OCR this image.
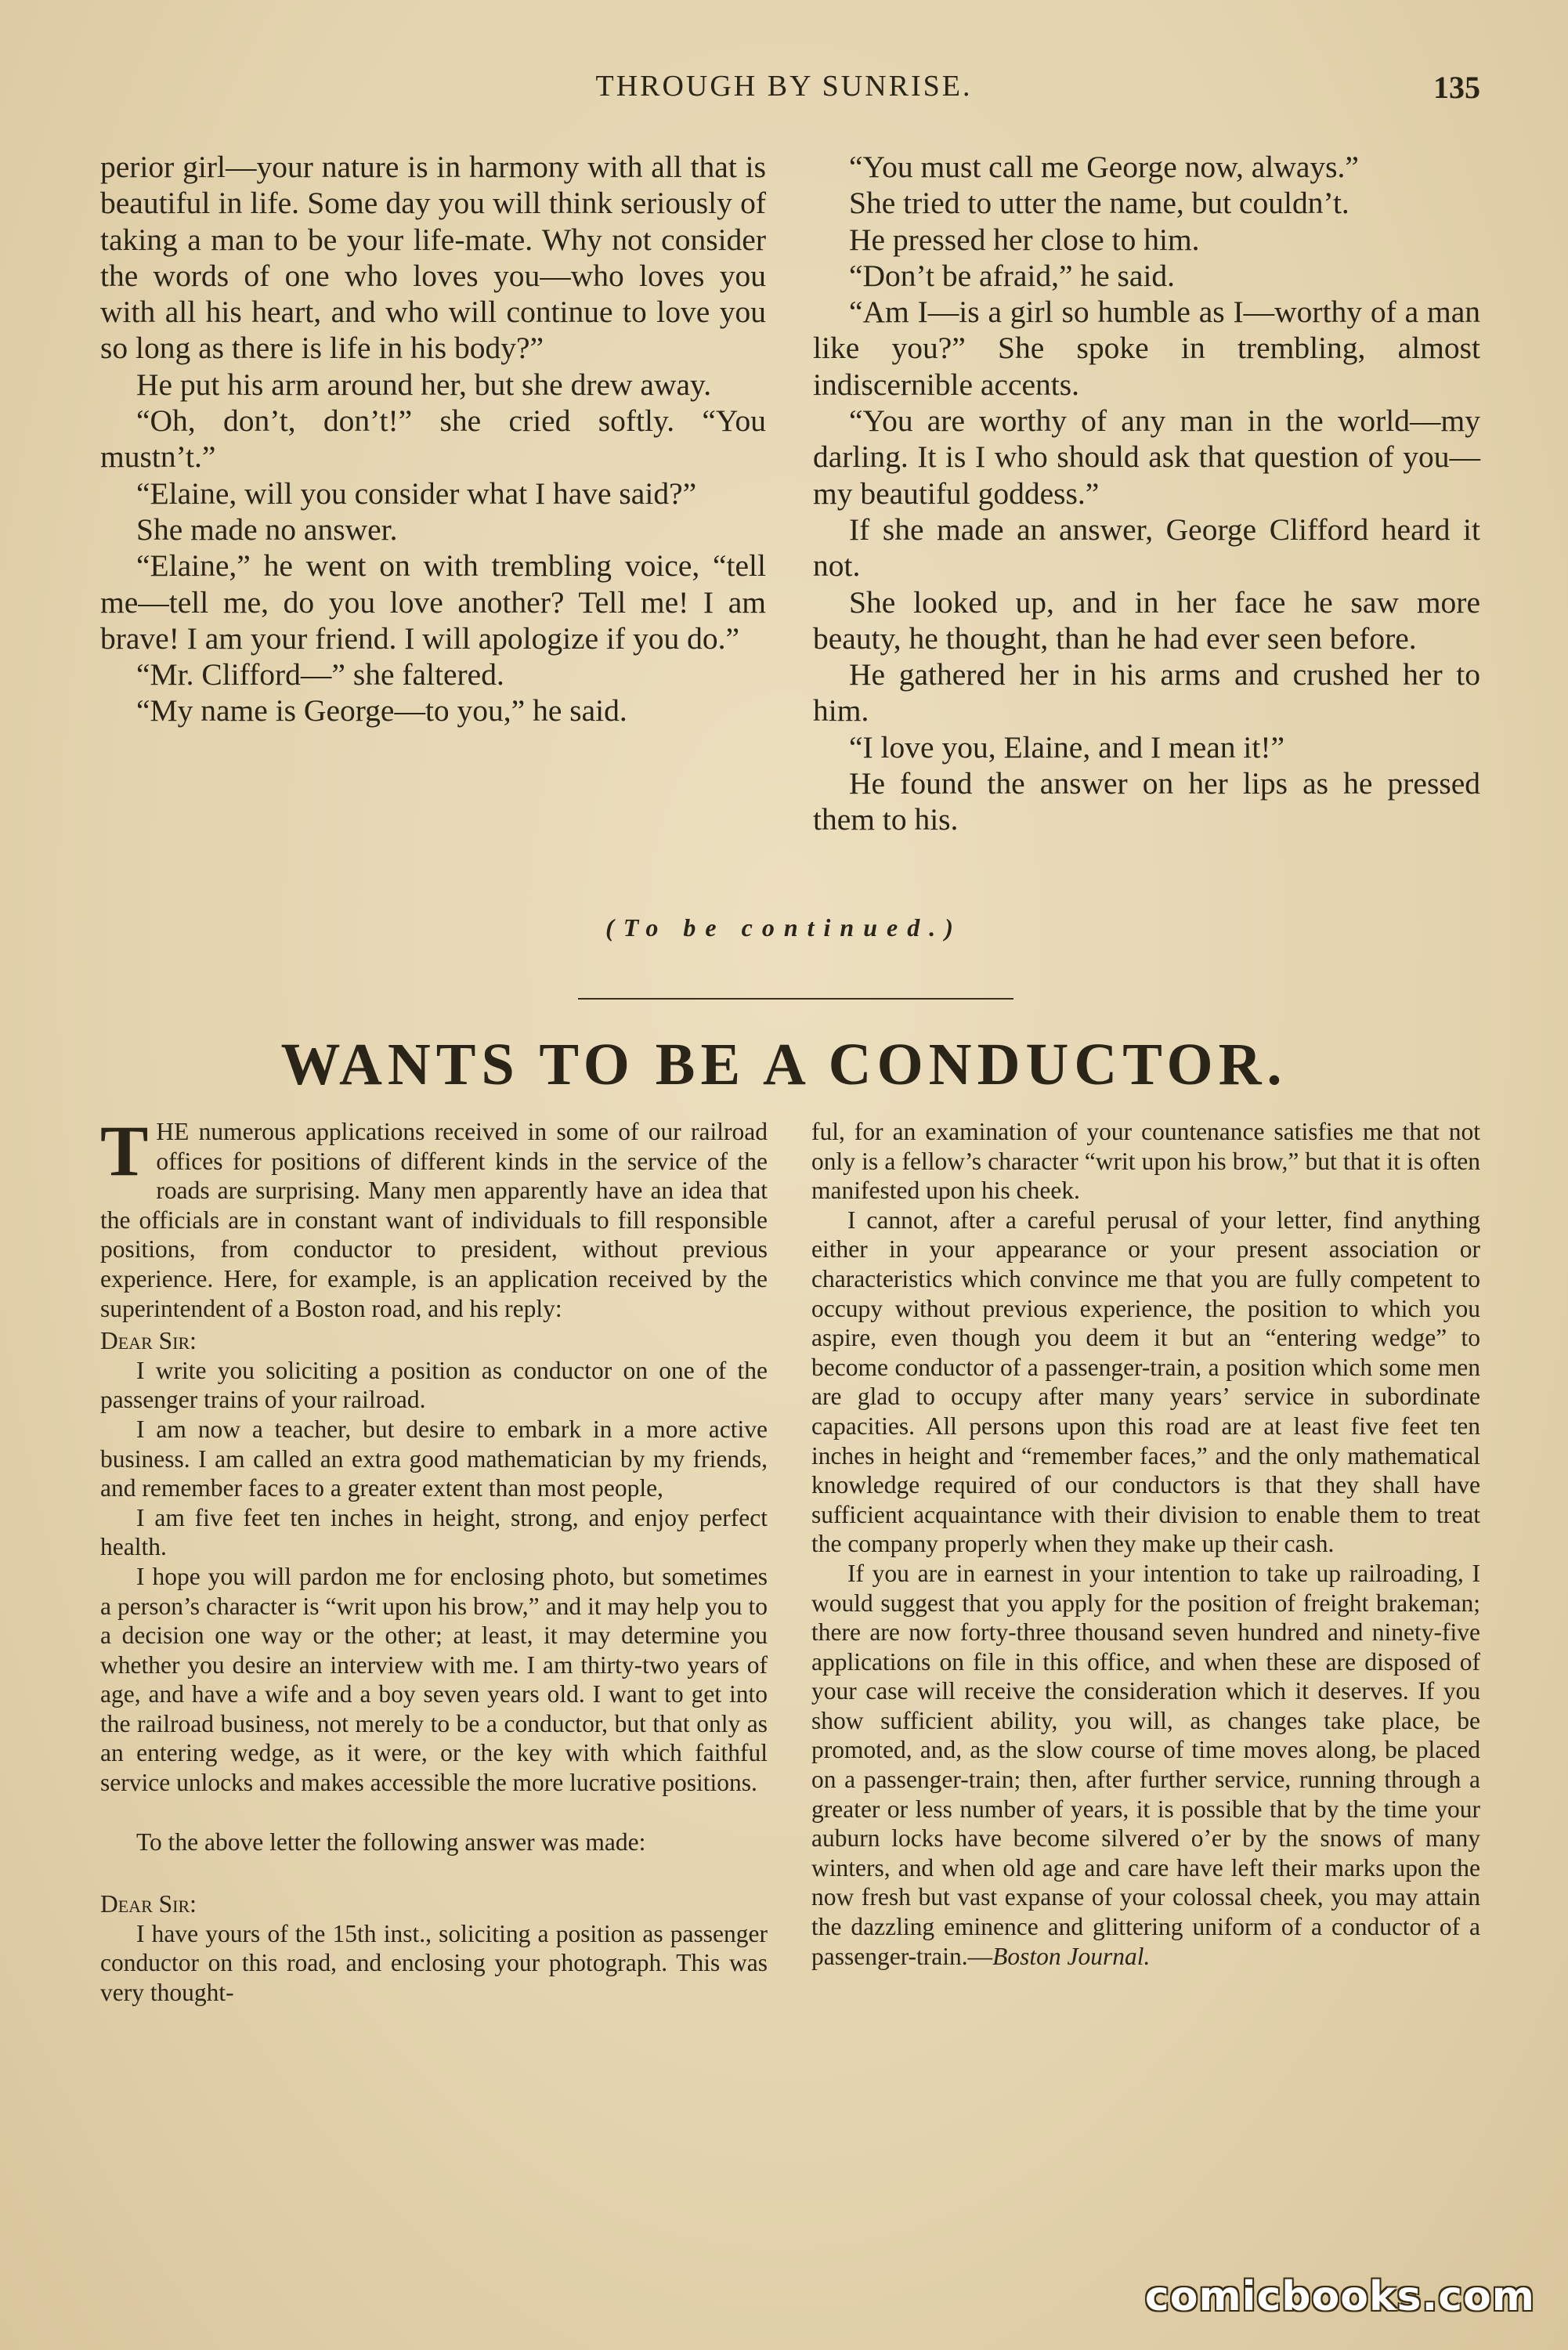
THROUGH BY SUNRISE.	135

perior girl—your nature is in harmony with all that is beautiful in life. Some day you will think seriously of taking a man to be your life-mate. Why not consider the words of one who loves you—who loves you with all his heart, and who will continue to love you so long as there is life in his body?”

He put his arm around her, but she drew away.

“Oh, don’t, don’t!” she cried softly. “You mustn’t.”

“Elaine, will you consider what I have said?”

She made no answer.

“Elaine,” he went on with trembling voice, “tell me—tell me, do you love another? Tell me! I am brave! I am your friend. I will apologize if you do.”

“Mr. Clifford—” she faltered.

“My name is George—to you,” he said.

“You must call me George now, always.”

She tried to utter the name, but couldn’t.

He pressed her close to him.

“Don’t be afraid,” he said.

“Am I—is a girl so humble as I—worthy of a man like you?” She spoke in trembling, almost indiscernible accents.

“You are worthy of any man in the world—my darling. It is I who should ask that question of you—my beautiful goddess.”

If she made an answer, George Clifford heard it not.

She looked up, and in her face he saw more beauty, he thought, than he had ever seen before.

He gathered her in his arms and crushed her to him.

“I love you, Elaine, and I mean it!”

He found the answer on her lips as he pressed them to his.

(To be continued.)
WANTS TO BE A CONDUCTOR.

THE numerous applications received in some of our railroad offices for positions of different kinds in the service of the roads are surprising. Many men apparently have an idea that the officials are in constant want of individuals to fill responsible positions, from conductor to president, without previous experience. Here, for example, is an application received by the superintendent of a Boston road, and his reply:

Dear Sir:

I write you soliciting a position as conductor on one of the passenger trains of your railroad.

I am now a teacher, but desire to embark in a more active business. I am called an extra good mathematician by my friends, and remember faces to a greater extent than most people,

I am five feet ten inches in height, strong, and enjoy perfect health.

I hope you will pardon me for enclosing photo, but sometimes a person’s character is “writ upon his brow,” and it may help you to a decision one way or the other; at least, it may determine you whether you desire an interview with me. I am thirty-two years of age, and have a wife and a boy seven years old. I want to get into the railroad business, not merely to be a conductor, but that only as an entering wedge, as it were, or the key with which faithful service unlocks and makes accessible the more lucrative positions.

To the above letter the following answer was made:

Dear Sir:

I have yours of the 15th inst., soliciting a position as passenger conductor on this road, and enclosing your photograph. This was very thought-

ful, for an examination of your countenance satisfies me that not only is a fellow’s character “writ upon his brow,” but that it is often manifested upon his cheek.

I cannot, after a careful perusal of your letter, find anything either in your appearance or your present association or characteristics which convince me that you are fully competent to occupy without previous experience, the position to which you aspire, even though you deem it but an “entering wedge” to become conductor of a passenger-train, a position which some men are glad to occupy after many years’ service in subordinate capacities. All persons upon this road are at least five feet ten inches in height and “remember faces,” and the only mathematical knowledge required of our conductors is that they shall have sufficient acquaintance with their division to enable them to treat the company properly when they make up their cash.

If you are in earnest in your intention to take up railroading, I would suggest that you apply for the position of freight brakeman; there are now forty-three thousand seven hundred and ninety-five applications on file in this office, and when these are disposed of your case will receive the consideration which it deserves. If you show sufficient ability, you will, as changes take place, be promoted, and, as the slow course of time moves along, be placed on a passenger-train; then, after further service, running through a greater or less number of years, it is possible that by the time your auburn locks have become silvered o’er by the snows of many winters, and when old age and care have left their marks upon the now fresh but vast expanse of your colossal cheek, you may attain the dazzling eminence and glittering uniform of a conductor of a passenger-train.—Boston Journal.

comicbooks.com
